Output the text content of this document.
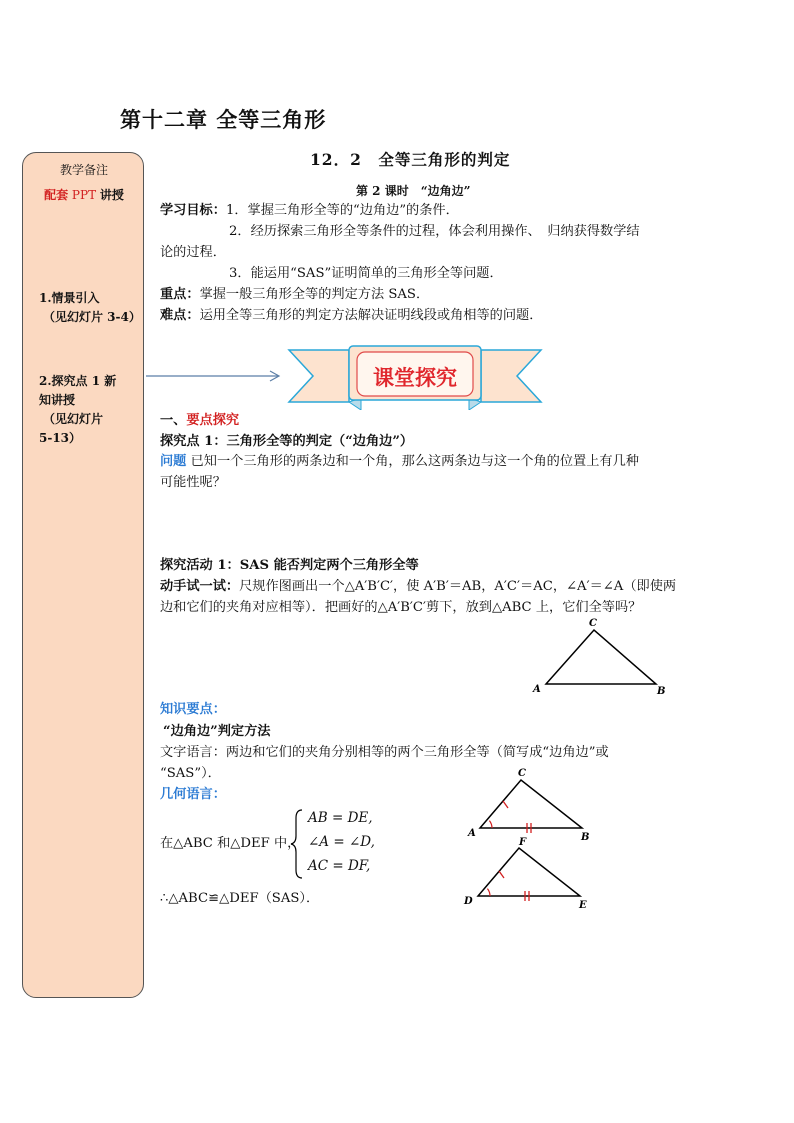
第十二章 全等三角形
教学备注
配套 PPT 讲授
1.情景引入
（见幻灯片 3-4）
2.探究点 1 新
知讲授
（见幻灯片
5-13）
12．2　全等三角形的判定
第 2 课时　“边角边”
学习目标：1．掌握三角形全等的“边角边”的条件．
2．经历探索三角形全等条件的过程，体会利用操作、　归纳获得数学结
论的过程．
3．能运用“SAS”证明简单的三角形全等问题．
重点：掌握一般三角形全等的判定方法 SAS．
难点：运用全等三角形的判定方法解决证明线段或角相等的问题．
课堂探究
一、要点探究
探究点 1：三角形全等的判定（“边角边”）
问题 已知一个三角形的两条边和一个角，那么这两条边与这一个角的位置上有几种
可能性呢？
探究活动 1：SAS 能否判定两个三角形全等
动手试一试：尺规作图画出一个△A′B′C′，使 A′B′＝AB，A′C′＝AC，∠A′＝∠A（即使两
边和它们的夹角对应相等）．把画好的△A′B′C′剪下，放到△ABC 上，它们全等吗？
A	B
C
知识要点：
“边角边”判定方法
文字语言：两边和它们的夹角分别相等的两个三角形全等（简写成“边角边”或
“SAS”）．
几何语言：
在△ABC 和△DEF 中，
AB = DE,
∠A = ∠D,
AC = DF,
∴△ABC≌△DEF（SAS）．
A	B
C
D	E
F
